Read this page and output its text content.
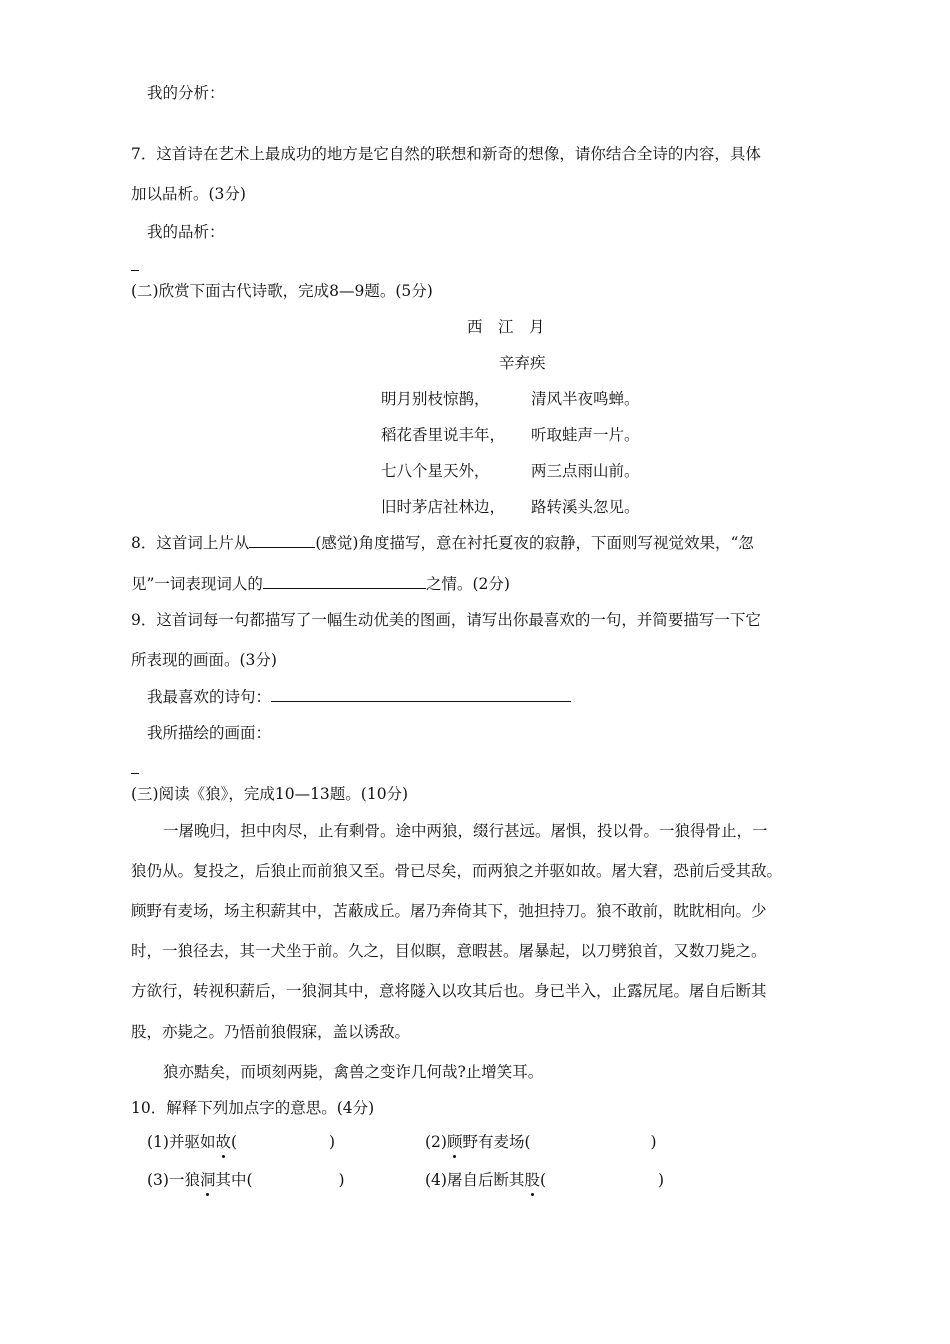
我的分析：
7．这首诗在艺术上最成功的地方是它自然的联想和新奇的想像，请你结合全诗的内容，具体
加以品析。(3分)
我的品析：
(二)欣赏下面古代诗歌，完成8—9题。(5分)
西　江　月
辛弃疾
明月别枝惊鹊，	清风半夜鸣蝉。
稻花香里说丰年， 听取蛙声一片。
七八个星天外，	两三点雨山前。
旧时茅店社林边， 路转溪头忽见。
8．这首词上片从	(感觉)角度描写，意在衬托夏夜的寂静，下面则写视觉效果，“忽
见”一词表现词人的	之情。(2分)
9．这首词每一句都描写了一幅生动优美的图画，请写出你最喜欢的一句，并简要描写一下它
所表现的画面。(3分)
我最喜欢的诗句：
我所描绘的画面：
(三)阅读《狼》，完成10—13题。(10分)
一屠晚归，担中肉尽，止有剩骨。途中两狼，缀行甚远。屠惧，投以骨。一狼得骨止，一
狼仍从。复投之，后狼止而前狼又至。骨已尽矣，而两狼之并驱如故。屠大窘，恐前后受其敌。
顾野有麦场，场主积薪其中，苫蔽成丘。屠乃奔倚其下，弛担持刀。狼不敢前，眈眈相向。少
时，一狼径去，其一犬坐于前。久之，目似瞑，意暇甚。屠暴起，以刀劈狼首，又数刀毙之。
方欲行，转视积薪后，一狼洞其中，意将隧入以攻其后也。身已半入，止露尻尾。屠自后断其
股，亦毙之。乃悟前狼假寐，盖以诱敌。
狼亦黠矣，而顷刻两毙，禽兽之变诈几何哉?止增笑耳。
10．解释下列加点字的意思。(4分)
(1)并驱如故(	)	(2)顾野有麦场(	)
(3)一狼洞其中(	)	(4)屠自后断其股(	)
